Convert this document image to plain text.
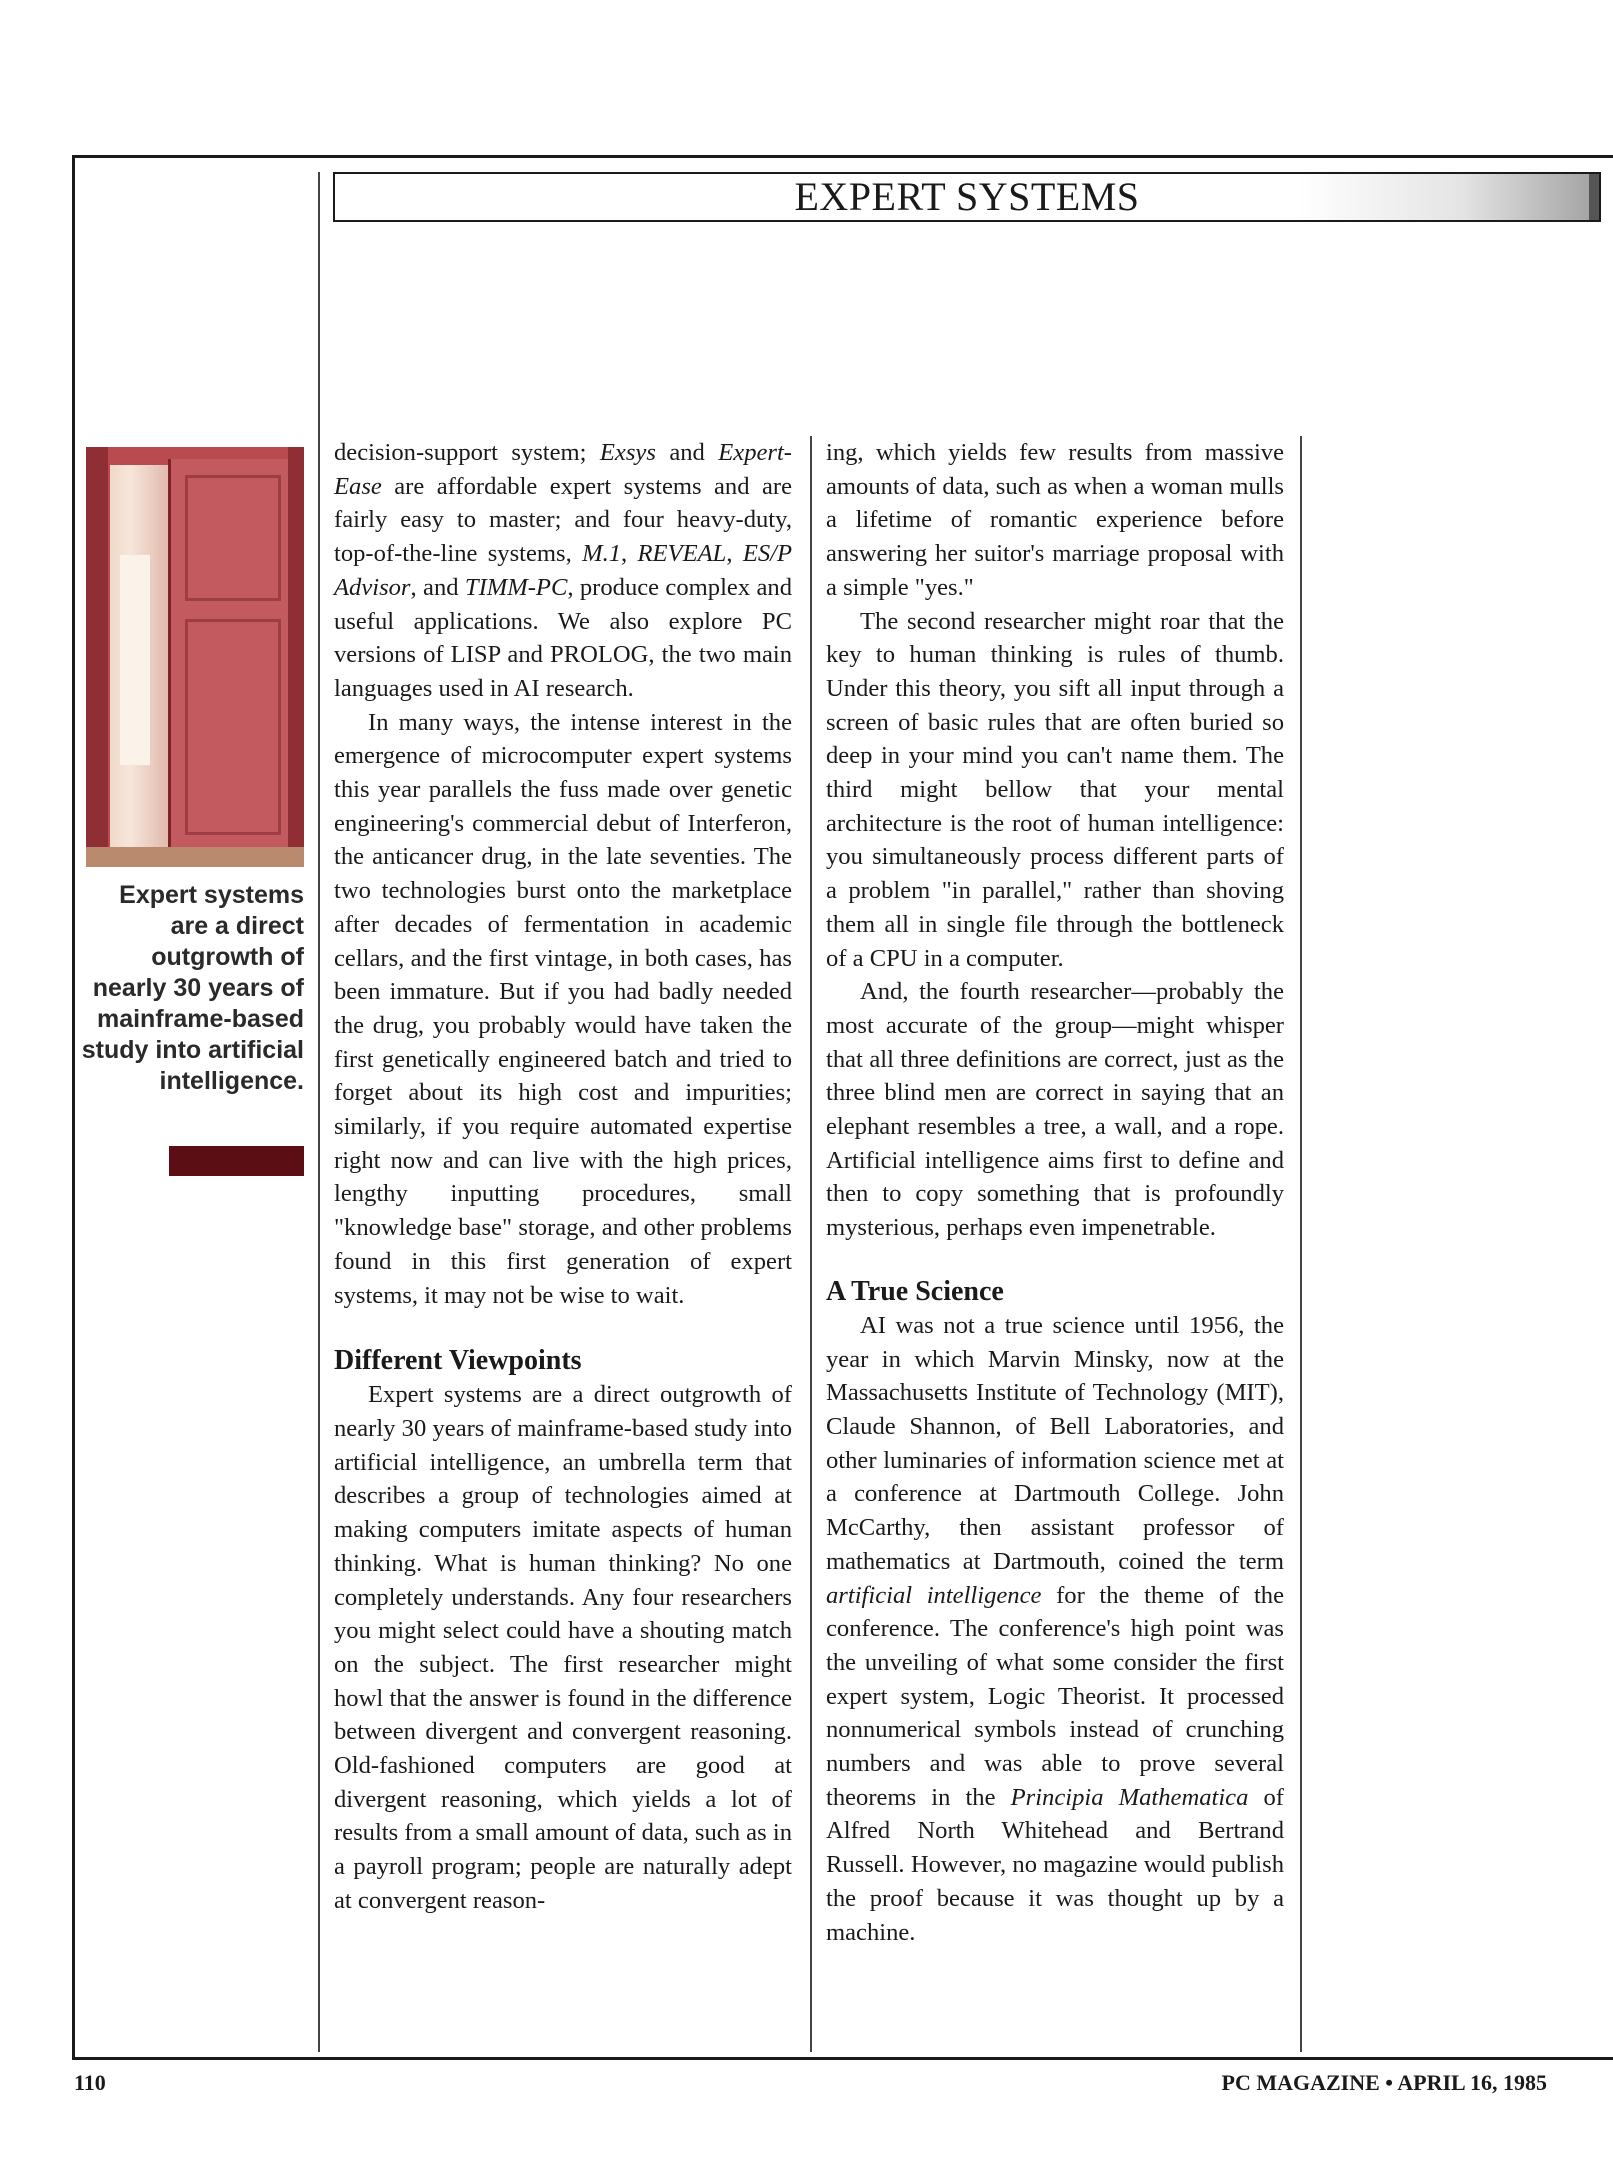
EXPERT SYSTEMS
Expert systems are a direct outgrowth of nearly 30 years of mainframe-based study into artificial intelligence.

decision-support system; Exsys and Expert-Ease are affordable expert systems and are fairly easy to master; and four heavy-duty, top-of-the-line systems, M.1, REVEAL, ES/P Advisor, and TIMM-PC, produce complex and useful applications. We also explore PC versions of LISP and PROLOG, the two main languages used in AI research.

In many ways, the intense interest in the emergence of microcomputer expert systems this year parallels the fuss made over genetic engineering's commercial debut of Interferon, the anticancer drug, in the late seventies. The two technologies burst onto the marketplace after decades of fermentation in academic cellars, and the first vintage, in both cases, has been immature. But if you had badly needed the drug, you probably would have taken the first genetically engineered batch and tried to forget about its high cost and impurities; similarly, if you require automated expertise right now and can live with the high prices, lengthy inputting procedures, small "knowledge base" storage, and other problems found in this first generation of expert systems, it may not be wise to wait.

Different Viewpoints

Expert systems are a direct outgrowth of nearly 30 years of mainframe-based study into artificial intelligence, an umbrella term that describes a group of technologies aimed at making computers imitate aspects of human thinking. What is human thinking? No one completely understands. Any four researchers you might select could have a shouting match on the subject. The first researcher might howl that the answer is found in the difference between divergent and convergent reasoning. Old-fashioned computers are good at divergent reasoning, which yields a lot of results from a small amount of data, such as in a payroll program; people are naturally adept at convergent reason-

ing, which yields few results from massive amounts of data, such as when a woman mulls a lifetime of romantic experience before answering her suitor's marriage proposal with a simple "yes."

The second researcher might roar that the key to human thinking is rules of thumb. Under this theory, you sift all input through a screen of basic rules that are often buried so deep in your mind you can't name them. The third might bellow that your mental architecture is the root of human intelligence: you simultaneously process different parts of a problem "in parallel," rather than shoving them all in single file through the bottleneck of a CPU in a computer.

And, the fourth researcher—probably the most accurate of the group—might whisper that all three definitions are correct, just as the three blind men are correct in saying that an elephant resembles a tree, a wall, and a rope. Artificial intelligence aims first to define and then to copy something that is profoundly mysterious, perhaps even impenetrable.

A True Science

AI was not a true science until 1956, the year in which Marvin Minsky, now at the Massachusetts Institute of Technology (MIT), Claude Shannon, of Bell Laboratories, and other luminaries of information science met at a conference at Dartmouth College. John McCarthy, then assistant professor of mathematics at Dartmouth, coined the term artificial intelligence for the theme of the conference. The conference's high point was the unveiling of what some consider the first expert system, Logic Theorist. It processed nonnumerical symbols instead of crunching numbers and was able to prove several theorems in the Principia Mathematica of Alfred North Whitehead and Bertrand Russell. However, no magazine would publish the proof because it was thought up by a machine.

110	PC MAGAZINE • APRIL 16, 1985
